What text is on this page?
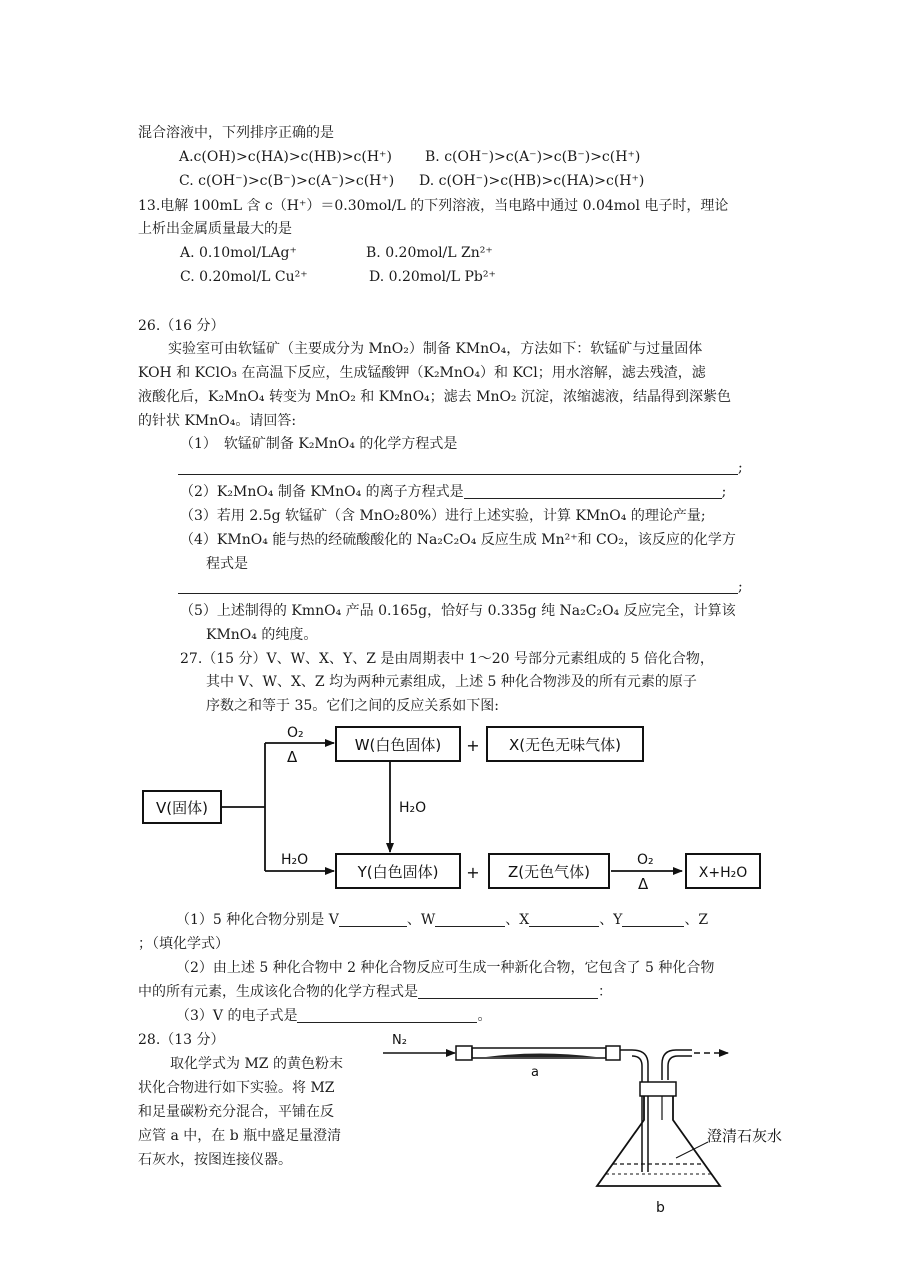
混合溶液中，下列排序正确的是
A.c(OH)>c(HA)>c(HB)>c(H⁺) B. c(OH⁻)>c(A⁻)>c(B⁻)>c(H⁺)
C. c(OH⁻)>c(B⁻)>c(A⁻)>c(H⁺) D. c(OH⁻)>c(HB)>c(HA)>c(H⁺)
13.电解 100mL 含 c（H⁺）＝0.30mol/L 的下列溶液，当电路中通过 0.04mol 电子时，理论
上析出金属质量最大的是
A. 0.10mol/LAg⁺	B. 0.20mol/L Zn²⁺
C. 0.20mol/L Cu²⁺	D. 0.20mol/L Pb²⁺
26.（16 分）
实验室可由软锰矿（主要成分为 MnO₂）制备 KMnO₄，方法如下：软锰矿与过量固体
KOH 和 KClO₃ 在高温下反应，生成锰酸钾（K₂MnO₄）和 KCl；用水溶解，滤去残渣，滤
液酸化后，K₂MnO₄ 转变为 MnO₂ 和 KMnO₄；滤去 MnO₂ 沉淀，浓缩滤液，结晶得到深紫色
的针状 KMnO₄。请回答:
（1）　软锰矿制备 K₂MnO₄ 的化学方程式是
;
（2）K₂MnO₄ 制备 KMnO₄ 的离子方程式是	;
（3）若用 2.5g 软锰矿（含 MnO₂80%）进行上述实验，计算 KMnO₄ 的理论产量;
（4）KMnO₄ 能与热的经硫酸酸化的 Na₂C₂O₄ 反应生成 Mn²⁺和 CO₂，该反应的化学方
程式是
;
（5）上述制得的 KmnO₄ 产品 0.165g，恰好与 0.335g 纯 Na₂C₂O₄ 反应完全，计算该
KMnO₄ 的纯度。
27.（15 分）V、W、X、Y、Z 是由周期表中 1～20 号部分元素组成的 5 倍化合物，
其中 V、W、X、Z 均为两种元素组成，上述 5 种化合物涉及的所有元素的原子
序数之和等于 35。它们之间的反应关系如下图:
V(固体)
O₂
Δ
H₂O
W(白色固体) + X(无色无味气体)
H₂O
Y(白色固体) + Z(无色气体)
O₂
Δ
X+H₂O
（1）5 种化合物分别是 V	、W	、X	、Y	、Z
；（填化学式）
（2）由上述 5 种化合物中 2 种化合物反应可生成一种新化合物，它包含了 5 种化合物
中的所有元素，生成该化合物的化学方程式是	：
（3）V 的电子式是	。
28.（13 分）
取化学式为 MZ 的黄色粉末
状化合物进行如下实验。将 MZ
和足量碳粉充分混合，平铺在反
应管 a 中，在 b 瓶中盛足量澄清
石灰水，按图连接仪器。
N₂
a
澄清石灰水
b
